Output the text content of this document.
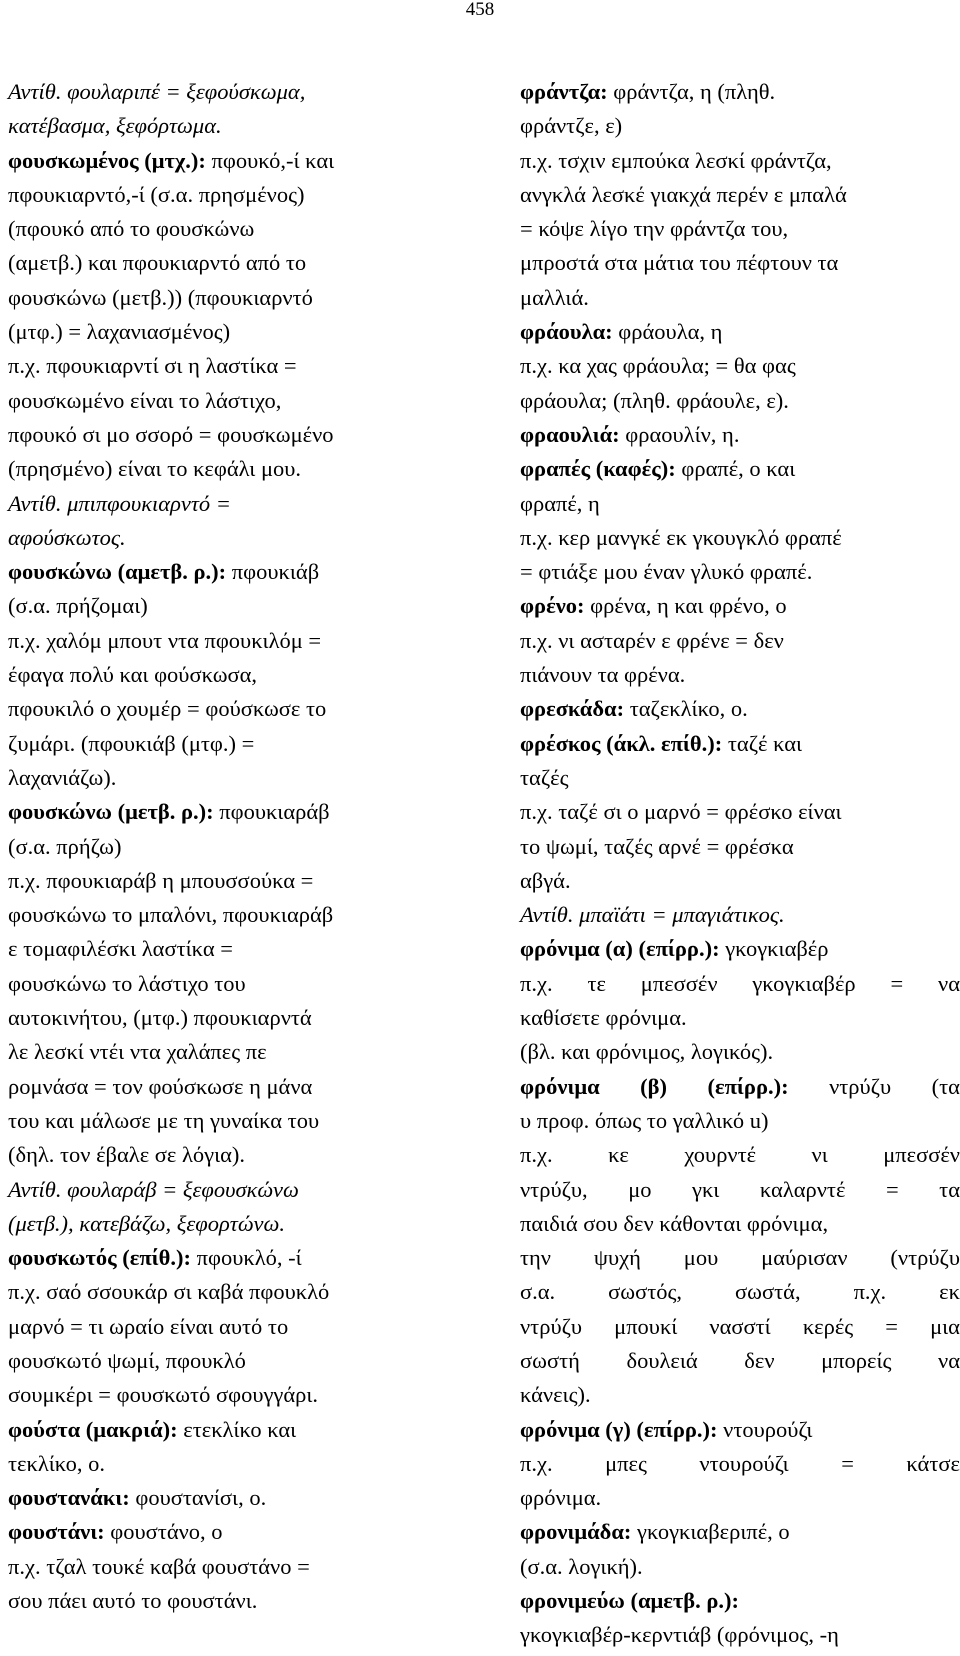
458
Αντίθ. φουλαριπέ = ξεφούσκωμα,
κατέβασμα, ξεφόρτωμα.
φουσκωμένος (μτχ.): πφουκό,-ί και
πφουκιαρντό,-ί (σ.α. πρησμένος)
(πφουκό από το φουσκώνω
(αμετβ.) και πφουκιαρντό από το
φουσκώνω (μετβ.)) (πφουκιαρντό
(μτφ.) = λαχανιασμένος)
π.χ. πφουκιαρντί σι η λαστίκα =
φουσκωμένο είναι το λάστιχο,
πφουκό σι μο σσορό = φουσκωμένο
(πρησμένο) είναι το κεφάλι μου.
Αντίθ. μπιπφουκιαρντό =
αφούσκωτος.
φουσκώνω (αμετβ. ρ.): πφουκιάβ
(σ.α. πρήζομαι)
π.χ. χαλόμ μπουτ ντα πφουκιλόμ =
έφαγα πολύ και φούσκωσα,
πφουκιλό ο χουμέρ = φούσκωσε το
ζυμάρι. (πφουκιάβ (μτφ.) =
λαχανιάζω).
φουσκώνω (μετβ. ρ.): πφουκιαράβ
(σ.α. πρήζω)
π.χ. πφουκιαράβ η μπουσσούκα =
φουσκώνω το μπαλόνι, πφουκιαράβ
ε τομαφιλέσκι λαστίκα =
φουσκώνω το λάστιχο του
αυτοκινήτου, (μτφ.) πφουκιαρντά
λε λεσκί ντέι ντα χαλάπες πε
ρομνάσα = τον φούσκωσε η μάνα
του και μάλωσε με τη γυναίκα του
(δηλ. τον έβαλε σε λόγια).
Αντίθ. φουλαράβ = ξεφουσκώνω
(μετβ.), κατεβάζω, ξεφορτώνω.
φουσκωτός (επίθ.): πφουκλό, -ί
π.χ. σαό σσουκάρ σι καβά πφουκλό
μαρνό = τι ωραίο είναι αυτό το
φουσκωτό ψωμί, πφουκλό
σουμκέρι = φουσκωτό σφουγγάρι.
φούστα (μακριά): ετεκλίκο και
τεκλίκο, ο.
φουστανάκι: φουστανίσι, ο.
φουστάνι: φουστάνο, ο
π.χ. τζαλ τουκέ καβά φουστάνο =
σου πάει αυτό το φουστάνι.
φράντζα: φράντζα, η (πληθ.
φράντζε, ε)
π.χ. τσχιν εμπούκα λεσκί φράντζα,
ανγκλά λεσκέ γιακχά περέν ε μπαλά
= κόψε λίγο την φράντζα του,
μπροστά στα μάτια του πέφτουν τα
μαλλιά.
φράουλα: φράουλα, η
π.χ. κα χας φράουλα; = θα φας
φράουλα; (πληθ. φράουλε, ε).
φραουλιά: φραουλίν, η.
φραπές (καφές): φραπέ, ο και
φραπέ, η
π.χ. κερ μανγκέ εκ γκουγκλό φραπέ
= φτιάξε μου έναν γλυκό φραπέ.
φρένο: φρένα, η και φρένο, ο
π.χ. νι ασταρέν ε φρένε = δεν
πιάνουν τα φρένα.
φρεσκάδα: ταζεκλίκο, ο.
φρέσκος (άκλ. επίθ.): ταζέ και
ταζές
π.χ. ταζέ σι ο μαρνό = φρέσκο είναι
το ψωμί, ταζές αρνέ = φρέσκα
αβγά.
Αντίθ. μπαϊάτι = μπαγιάτικος.
φρόνιμα (α) (επίρρ.): γκογκιαβέρ
π.χ. τε μπεσσέν γκογκιαβέρ = να
καθίσετε φρόνιμα.
(βλ. και φρόνιμος, λογικός).
φρόνιμα (β) (επίρρ.): ντρύζυ (τα
υ προφ. όπως το γαλλικό u)
π.χ. κε χουρντέ νι μπεσσέν
ντρύζυ, μο γκι καλαρντέ = τα
παιδιά σου δεν κάθονται φρόνιμα,
την ψυχή μου μαύρισαν (ντρύζυ
σ.α. σωστός, σωστά, π.χ. εκ
ντρύζυ μπουκί νασστί κερές = μια
σωστή δουλειά δεν μπορείς να
κάνεις).
φρόνιμα (γ) (επίρρ.): ντουρούζι
π.χ. μπες ντουρούζι = κάτσε
φρόνιμα.
φρονιμάδα: γκογκιαβεριπέ, ο
(σ.α. λογική).
φρονιμεύω (αμετβ. ρ.):
γκογκιαβέρ-κερντιάβ (φρόνιμος, -η
